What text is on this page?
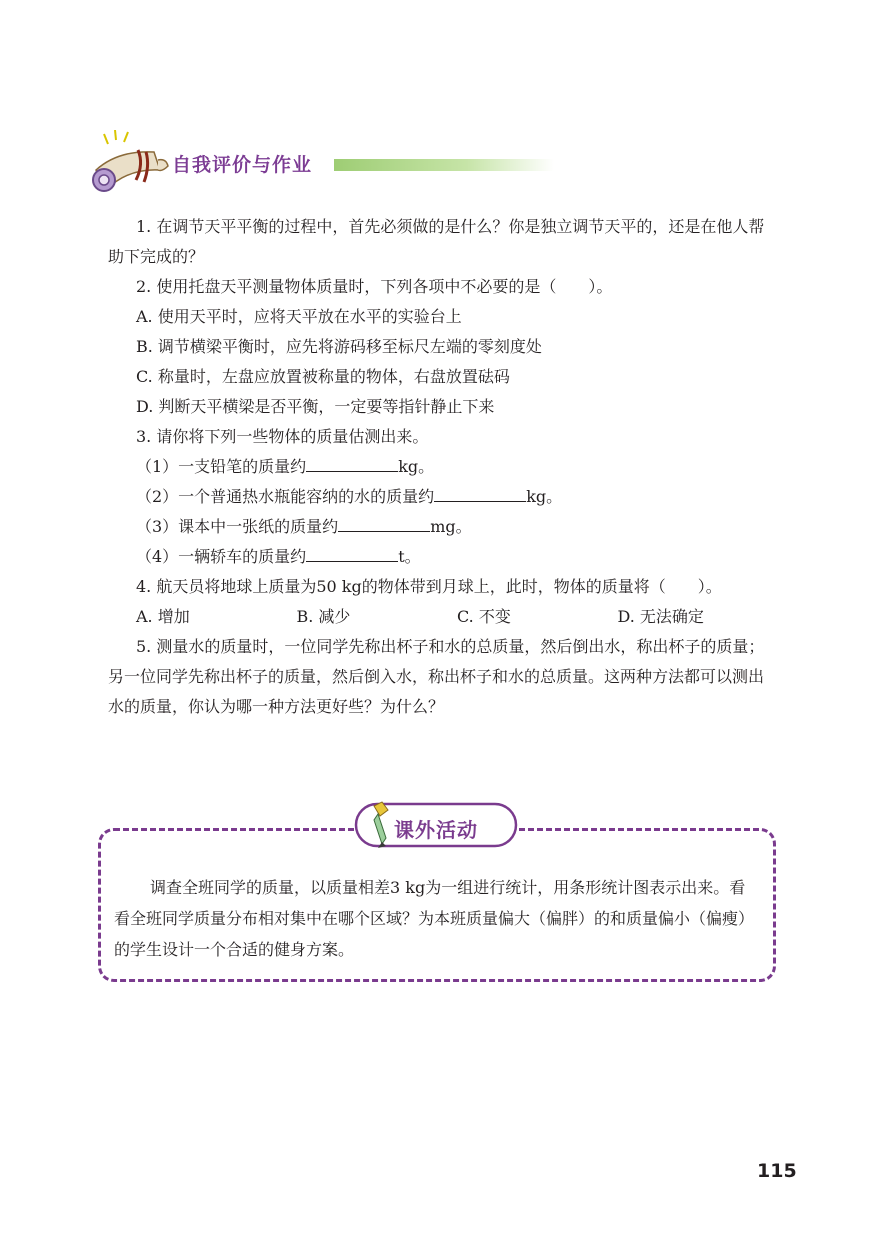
自我评价与作业

1. 在调节天平平衡的过程中，首先必须做的是什么？你是独立调节天平的，还是在他人帮助下完成的？

2. 使用托盘天平测量物体质量时，下列各项中不必要的是（　　）。

A. 使用天平时，应将天平放在水平的实验台上

B. 调节横梁平衡时，应先将游码移至标尺左端的零刻度处

C. 称量时，左盘应放置被称量的物体，右盘放置砝码

D. 判断天平横梁是否平衡，一定要等指针静止下来

3. 请你将下列一些物体的质量估测出来。

（1）一支铅笔的质量约	kg。

（2）一个普通热水瓶能容纳的水的质量约	kg。

（3）课本中一张纸的质量约	mg。

（4）一辆轿车的质量约	t。

4. 航天员将地球上质量为50 kg的物体带到月球上，此时，物体的质量将（　　）。

A. 增加	B. 减少	C. 不变	D. 无法确定

5. 测量水的质量时，一位同学先称出杯子和水的总质量，然后倒出水，称出杯子的质量；另一位同学先称出杯子的质量，然后倒入水，称出杯子和水的总质量。这两种方法都可以测出水的质量，你认为哪一种方法更好些？为什么？

课外活动

调查全班同学的质量，以质量相差3 kg为一组进行统计，用条形统计图表示出来。看看全班同学质量分布相对集中在哪个区域？为本班质量偏大（偏胖）的和质量偏小（偏瘦）的学生设计一个合适的健身方案。

115
